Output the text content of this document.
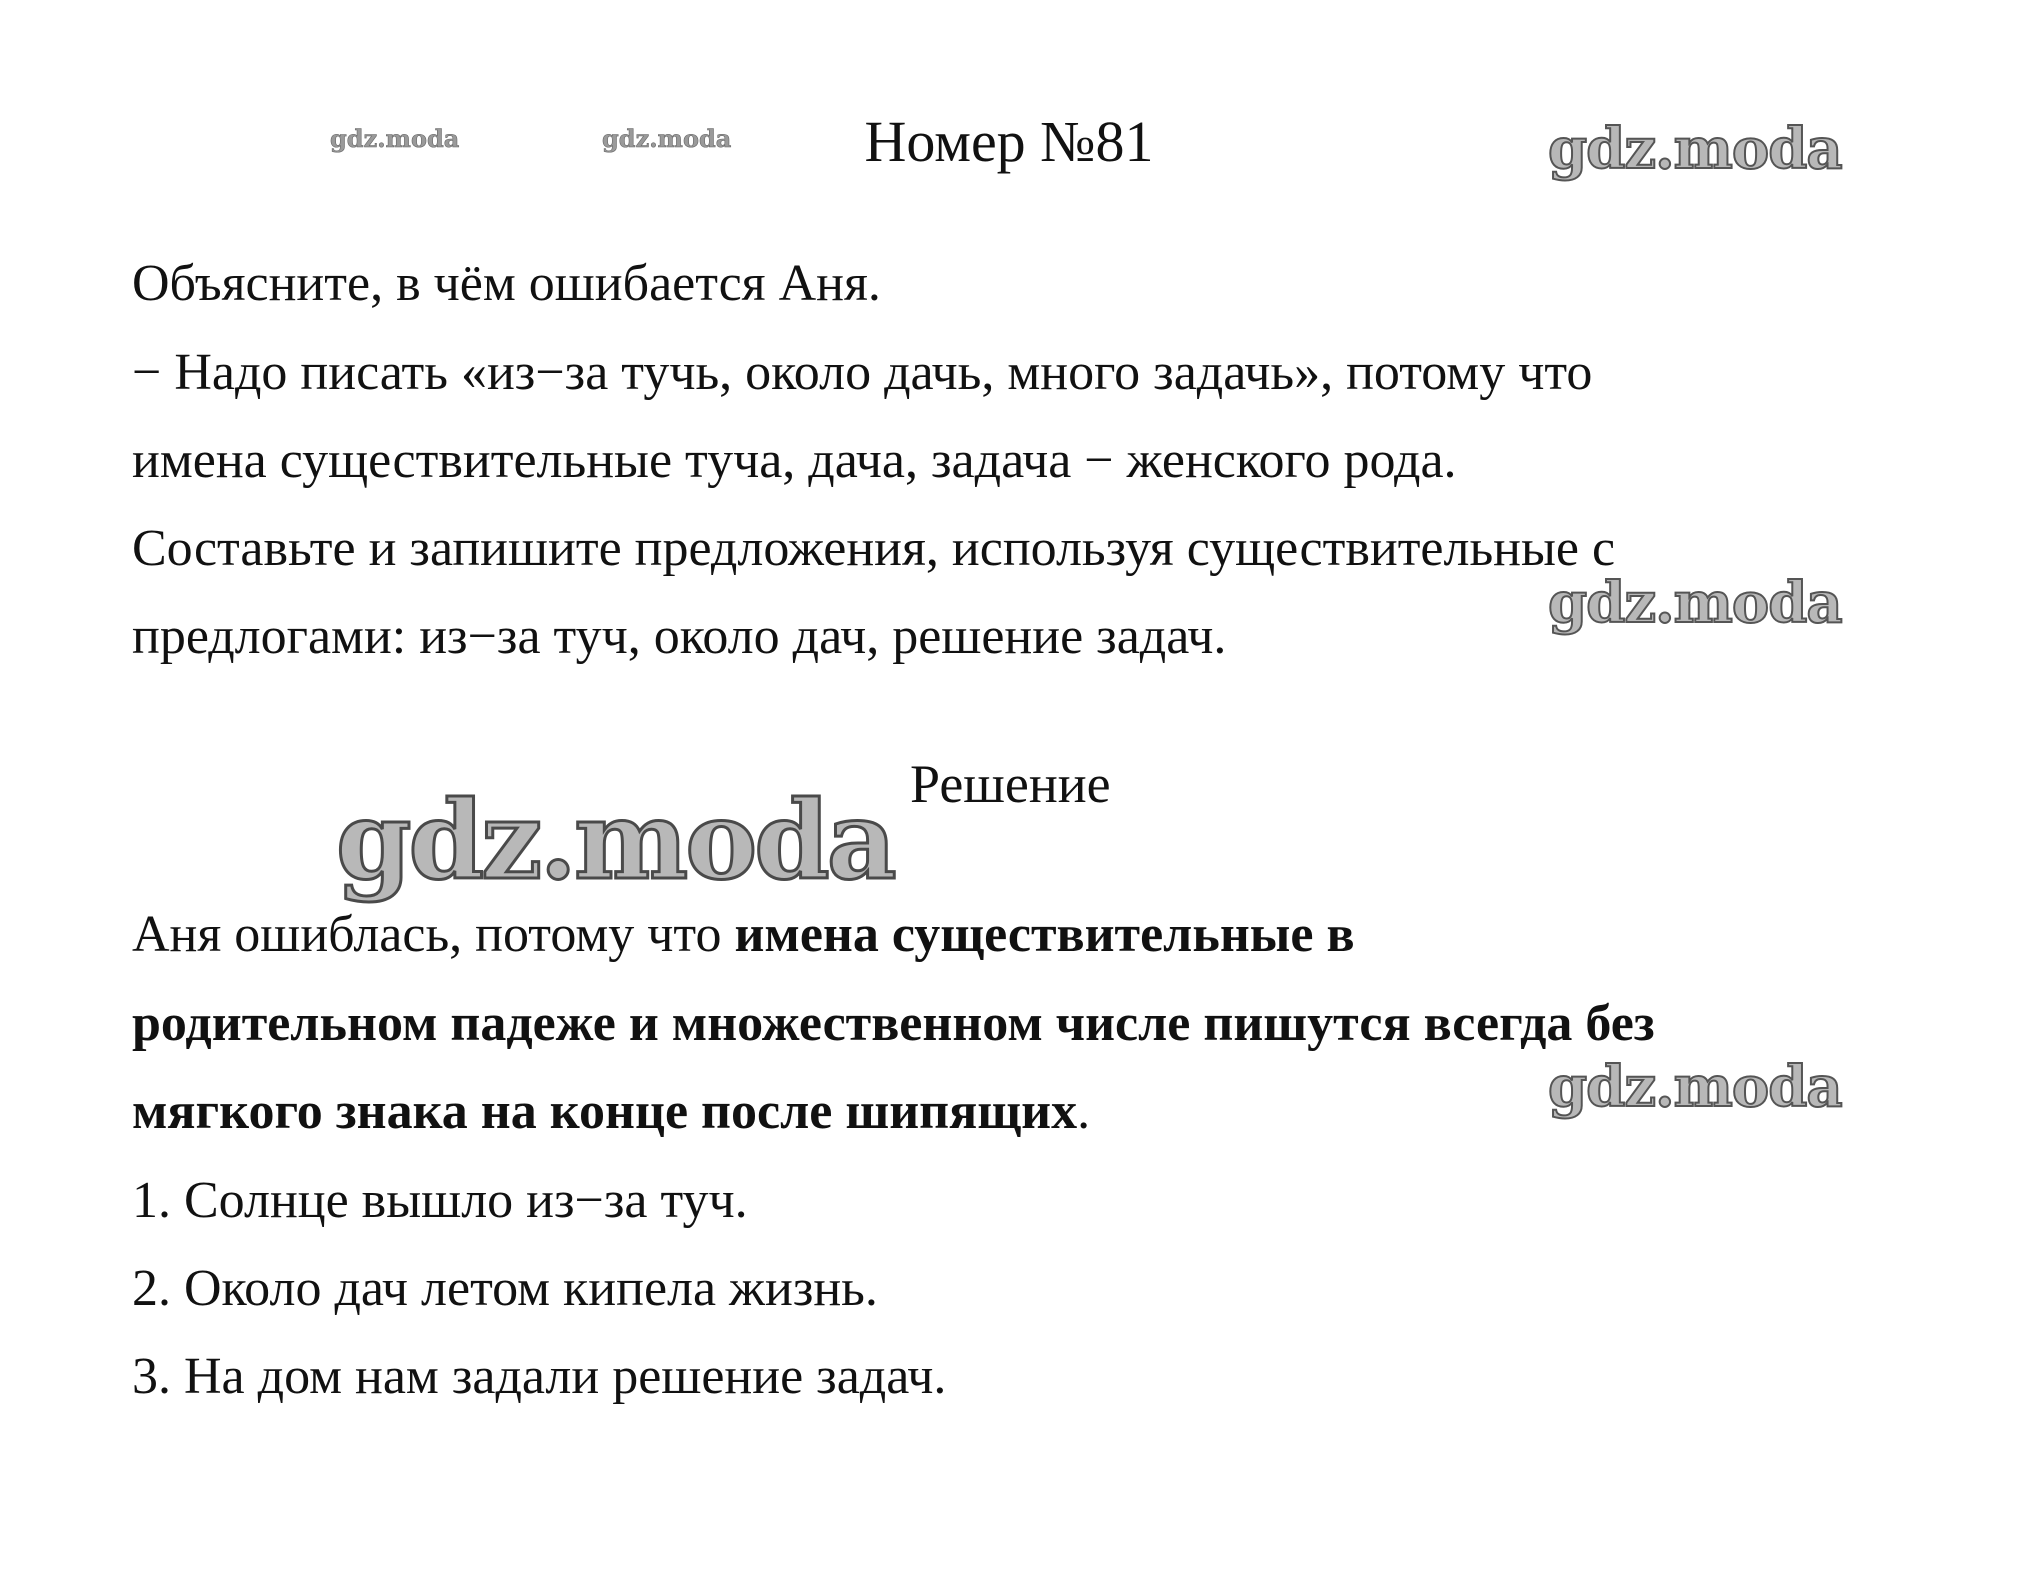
gdz.moda	gdz.moda	gdz.moda
gdz.moda
gdz.moda
gdz.moda
Номер №81
Объясните, в чём ошибается Аня.
− Надо писать «из−за тучь, около дачь, много задачь», потому что
имена существительные туча, дача, задача − женского рода.
Составьте и запишите предложения, используя существительные с
предлогами: из−за туч, около дач, решение задач.
Решение
Аня ошиблась, потому что имена существительные в
родительном падеже и множественном числе пишутся всегда без
мягкого знака на конце после шипящих.
1. Солнце вышло из−за туч.
2. Около дач летом кипела жизнь.
3. На дом нам задали решение задач.
